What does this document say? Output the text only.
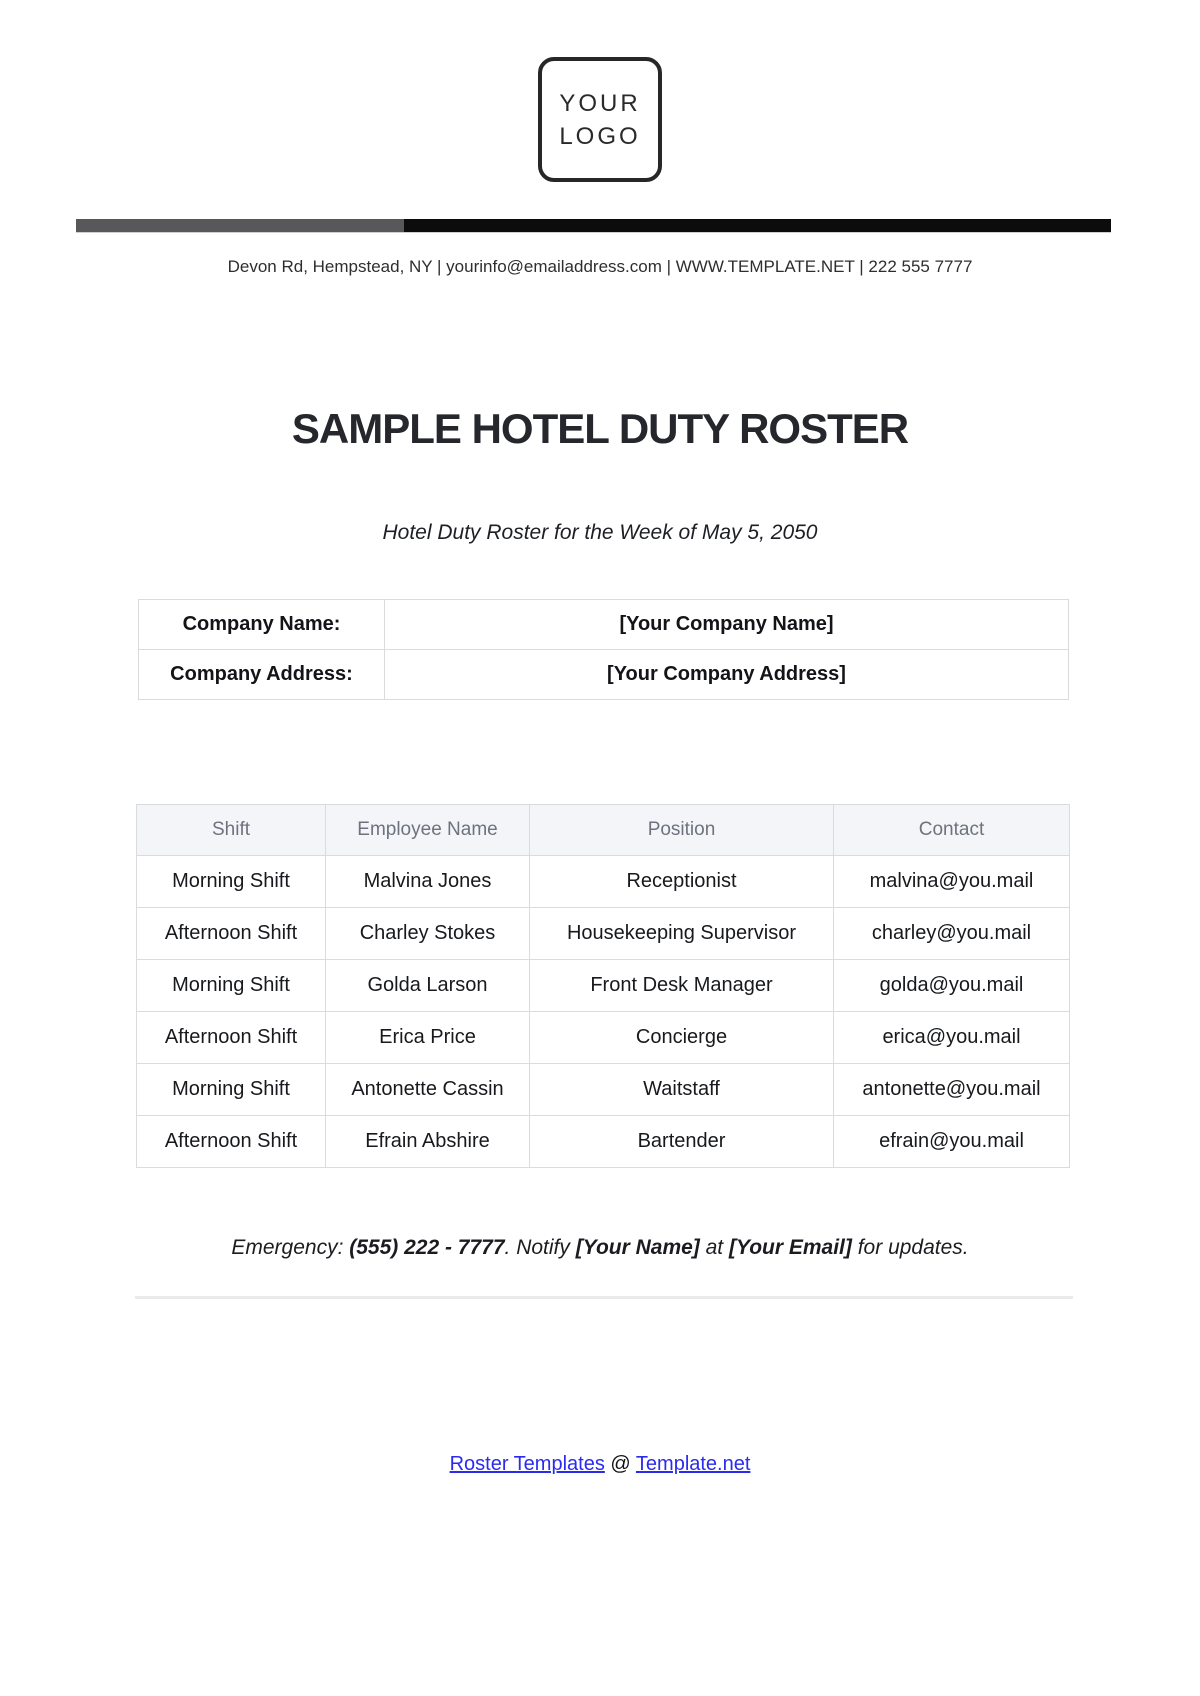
YOUR
LOGO
Devon Rd, Hempstead, NY | yourinfo@emailaddress.com | WWW.TEMPLATE.NET | 222 555 7777
SAMPLE HOTEL DUTY ROSTER
Hotel Duty Roster for the Week of May 5, 2050
Company Name:	[Your Company Name]
Company Address:	[Your Company Address]
Shift	Employee Name	Position	Contact
Morning Shift	Malvina Jones	Receptionist	malvina@you.mail
Afternoon Shift	Charley Stokes	Housekeeping Supervisor	charley@you.mail
Morning Shift	Golda Larson	Front Desk Manager	golda@you.mail
Afternoon Shift	Erica Price	Concierge	erica@you.mail
Morning Shift	Antonette Cassin	Waitstaff	antonette@you.mail
Afternoon Shift	Efrain Abshire	Bartender	efrain@you.mail
Emergency: (555) 222 - 7777. Notify [Your Name] at [Your Email] for updates.
Roster Templates @ Template.net
